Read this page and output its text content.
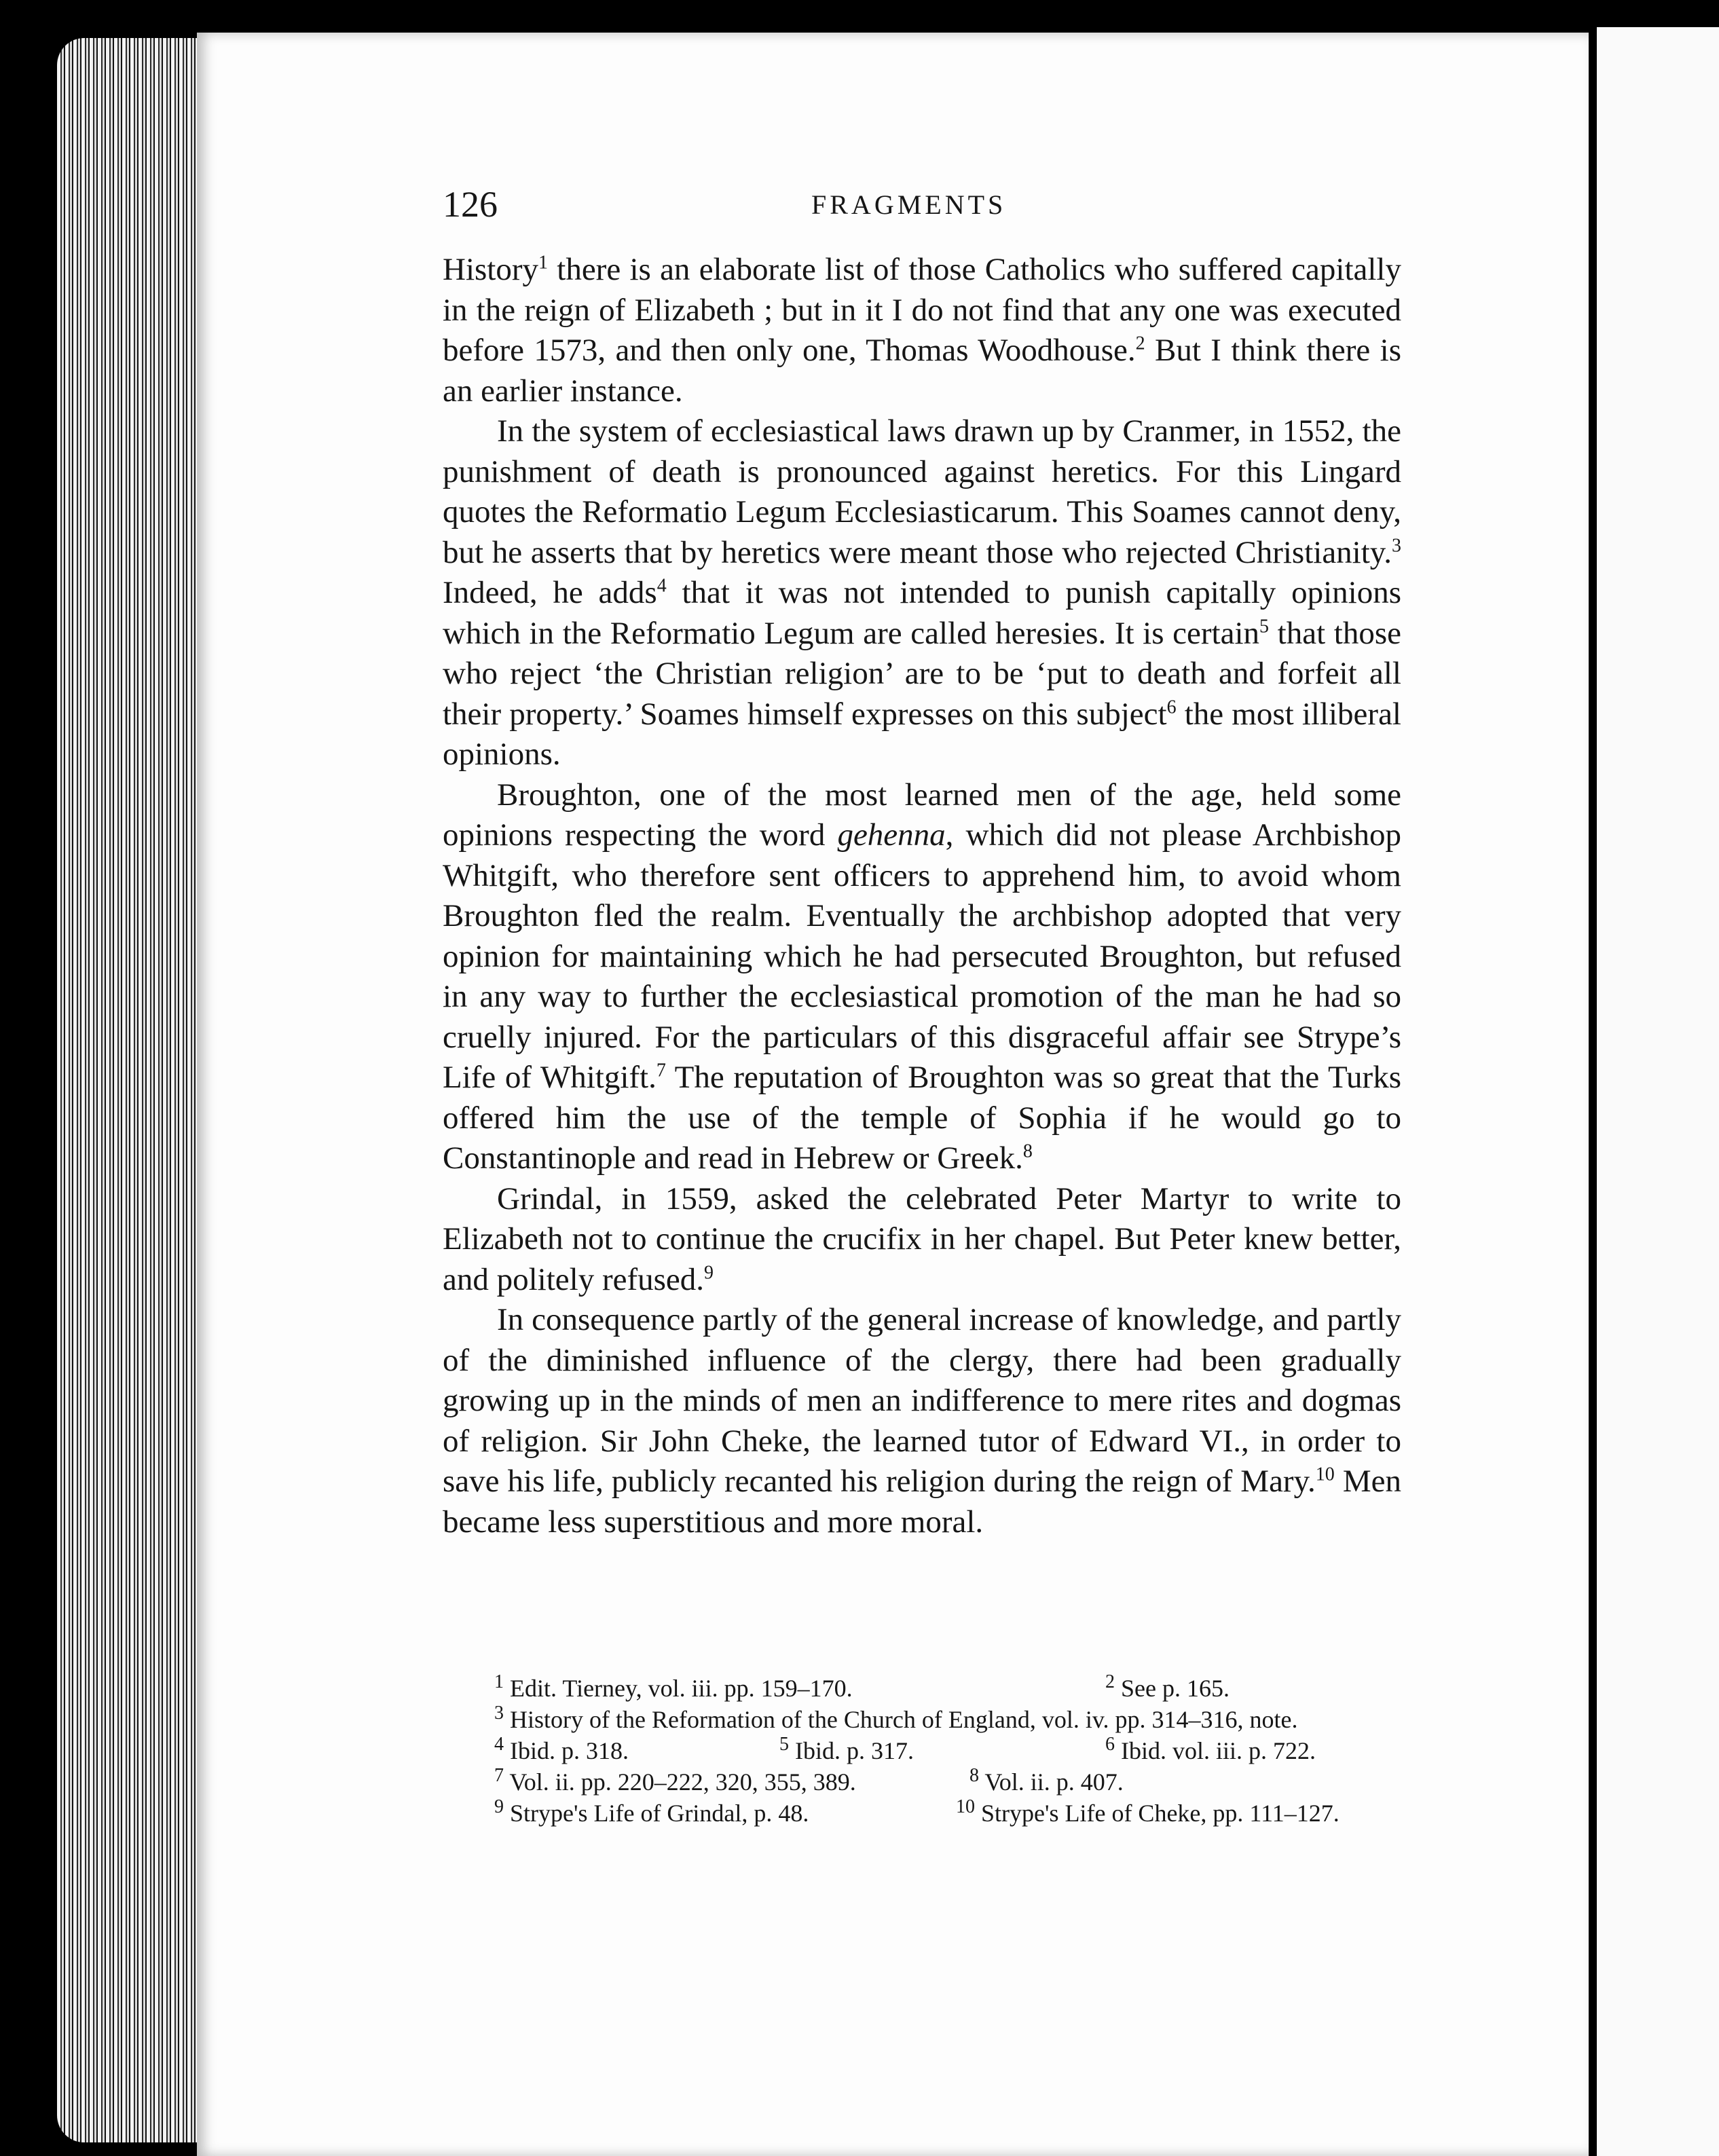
126	FRAGMENTS

History$^1$ there is an elaborate list of those Catholics who suffered capitally in the reign of Elizabeth ; but in it I do not find that any one was executed before 1573, and then only one, Thomas Woodhouse.$^2$ But I think there is an earlier instance.

In the system of ecclesiastical laws drawn up by Cranmer, in 1552, the punishment of death is pronounced against heretics. For this Lingard quotes the Reformatio Legum Ecclesiasticarum. This Soames cannot deny, but he asserts that by heretics were meant those who rejected Christianity.$^3$ Indeed, he adds$^4$ that it was not intended to punish capitally opinions which in the Reformatio Legum are called heresies. It is certain$^5$ that those who reject ‘the Christian religion’ are to be ‘put to death and forfeit all their property.’ Soames himself expresses on this subject$^6$ the most illiberal opinions.

Broughton, one of the most learned men of the age, held some opinions respecting the word gehenna, which did not please Archbishop Whitgift, who therefore sent officers to apprehend him, to avoid whom Broughton fled the realm. Eventually the archbishop adopted that very opinion for maintaining which he had persecuted Broughton, but refused in any way to further the ecclesiastical promotion of the man he had so cruelly injured. For the particulars of this disgraceful affair see Strype’s Life of Whitgift.$^7$ The reputation of Broughton was so great that the Turks offered him the use of the temple of Sophia if he would go to Constantinople and read in Hebrew or Greek.$^8$

Grindal, in 1559, asked the celebrated Peter Martyr to write to Elizabeth not to continue the crucifix in her chapel. But Peter knew better, and politely refused.$^9$

In consequence partly of the general increase of knowledge, and partly of the diminished influence of the clergy, there had been gradually growing up in the minds of men an indifference to mere rites and dogmas of religion. Sir John Cheke, the learned tutor of Edward VI., in order to save his life, publicly recanted his religion during the reign of Mary.$^{10}$ Men became less superstitious and more moral.

$^1$ Edit. Tierney, vol. iii. pp. 159–170.	$^2$ See p. 165.
$^3$ History of the Reformation of the Church of England, vol. iv. pp. 314–316, note.
$^4$ Ibid. p. 318.	$^5$ Ibid. p. 317.	$^6$ Ibid. vol. iii. p. 722.
$^7$ Vol. ii. pp. 220–222, 320, 355, 389.	$^8$ Vol. ii. p. 407.
$^9$ Strype's Life of Grindal, p. 48.	$^{10}$ Strype's Life of Cheke, pp. 111–127.
